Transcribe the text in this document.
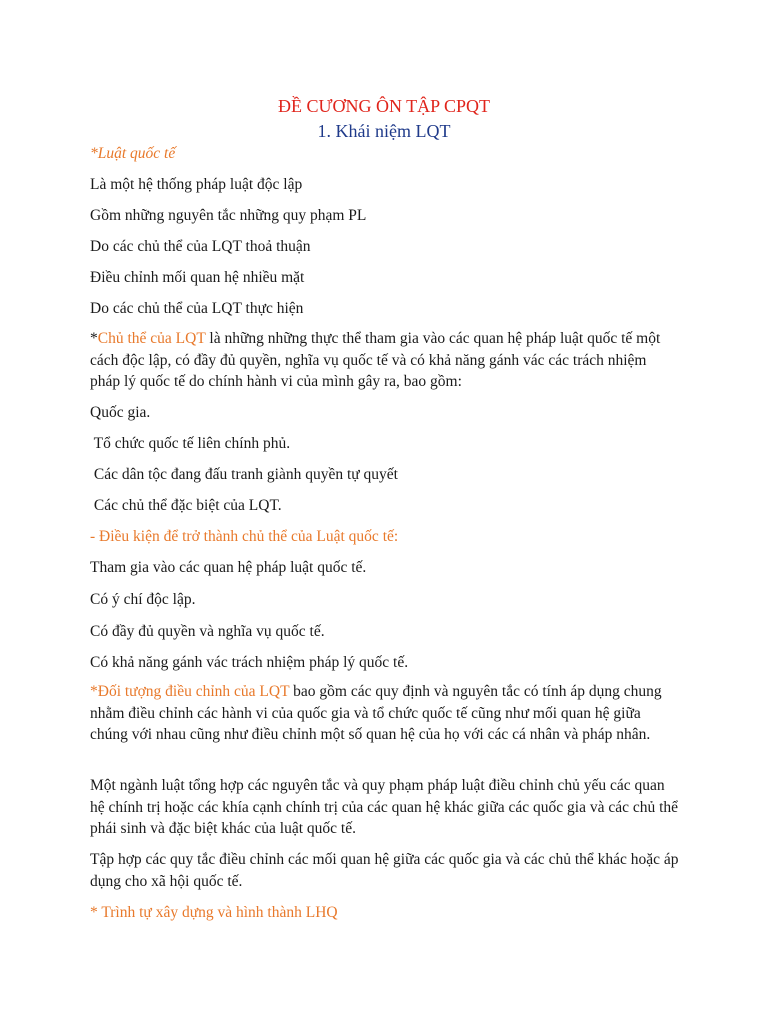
ĐỀ CƯƠNG ÔN TẬP CPQT
1. Khái niệm LQT

*Luật quốc tế

Là một hệ thống pháp luật độc lập

Gồm những nguyên tắc những quy phạm PL

Do các chủ thể của LQT thoả thuận

Điều chỉnh mối quan hệ nhiều mặt

Do các chủ thể của LQT thực hiện

*Chủ thể của LQT là những những thực thể tham gia vào các quan hệ pháp luật quốc tế một cách độc lập, có đầy đủ quyền, nghĩa vụ quốc tế và có khả năng gánh vác các trách nhiệm pháp lý quốc tế do chính hành vi của mình gây ra, bao gồm:

Quốc gia.

Tổ chức quốc tế liên chính phủ.

Các dân tộc đang đấu tranh giành quyền tự quyết

Các chủ thể đặc biệt của LQT.

- Điều kiện để trở thành chủ thể của Luật quốc tế:

Tham gia vào các quan hệ pháp luật quốc tế.

Có ý chí độc lập.

Có đầy đủ quyền và nghĩa vụ quốc tế.

Có khả năng gánh vác trách nhiệm pháp lý quốc tế.

*Đối tượng điều chỉnh của LQT bao gồm các quy định và nguyên tắc có tính áp dụng chung nhằm điều chỉnh các hành vi của quốc gia và tổ chức quốc tế cũng như mối quan hệ giữa chúng với nhau cũng như điều chỉnh một số quan hệ của họ với các cá nhân và pháp nhân.

Một ngành luật tổng hợp các nguyên tắc và quy phạm pháp luật điều chỉnh chủ yếu các quan hệ chính trị hoặc các khía cạnh chính trị của các quan hệ khác giữa các quốc gia và các chủ thể phái sinh và đặc biệt khác của luật quốc tế.

Tập hợp các quy tắc điều chỉnh các mối quan hệ giữa các quốc gia và các chủ thể khác hoặc áp dụng cho xã hội quốc tế.

* Trình tự xây dựng và hình thành LHQ
